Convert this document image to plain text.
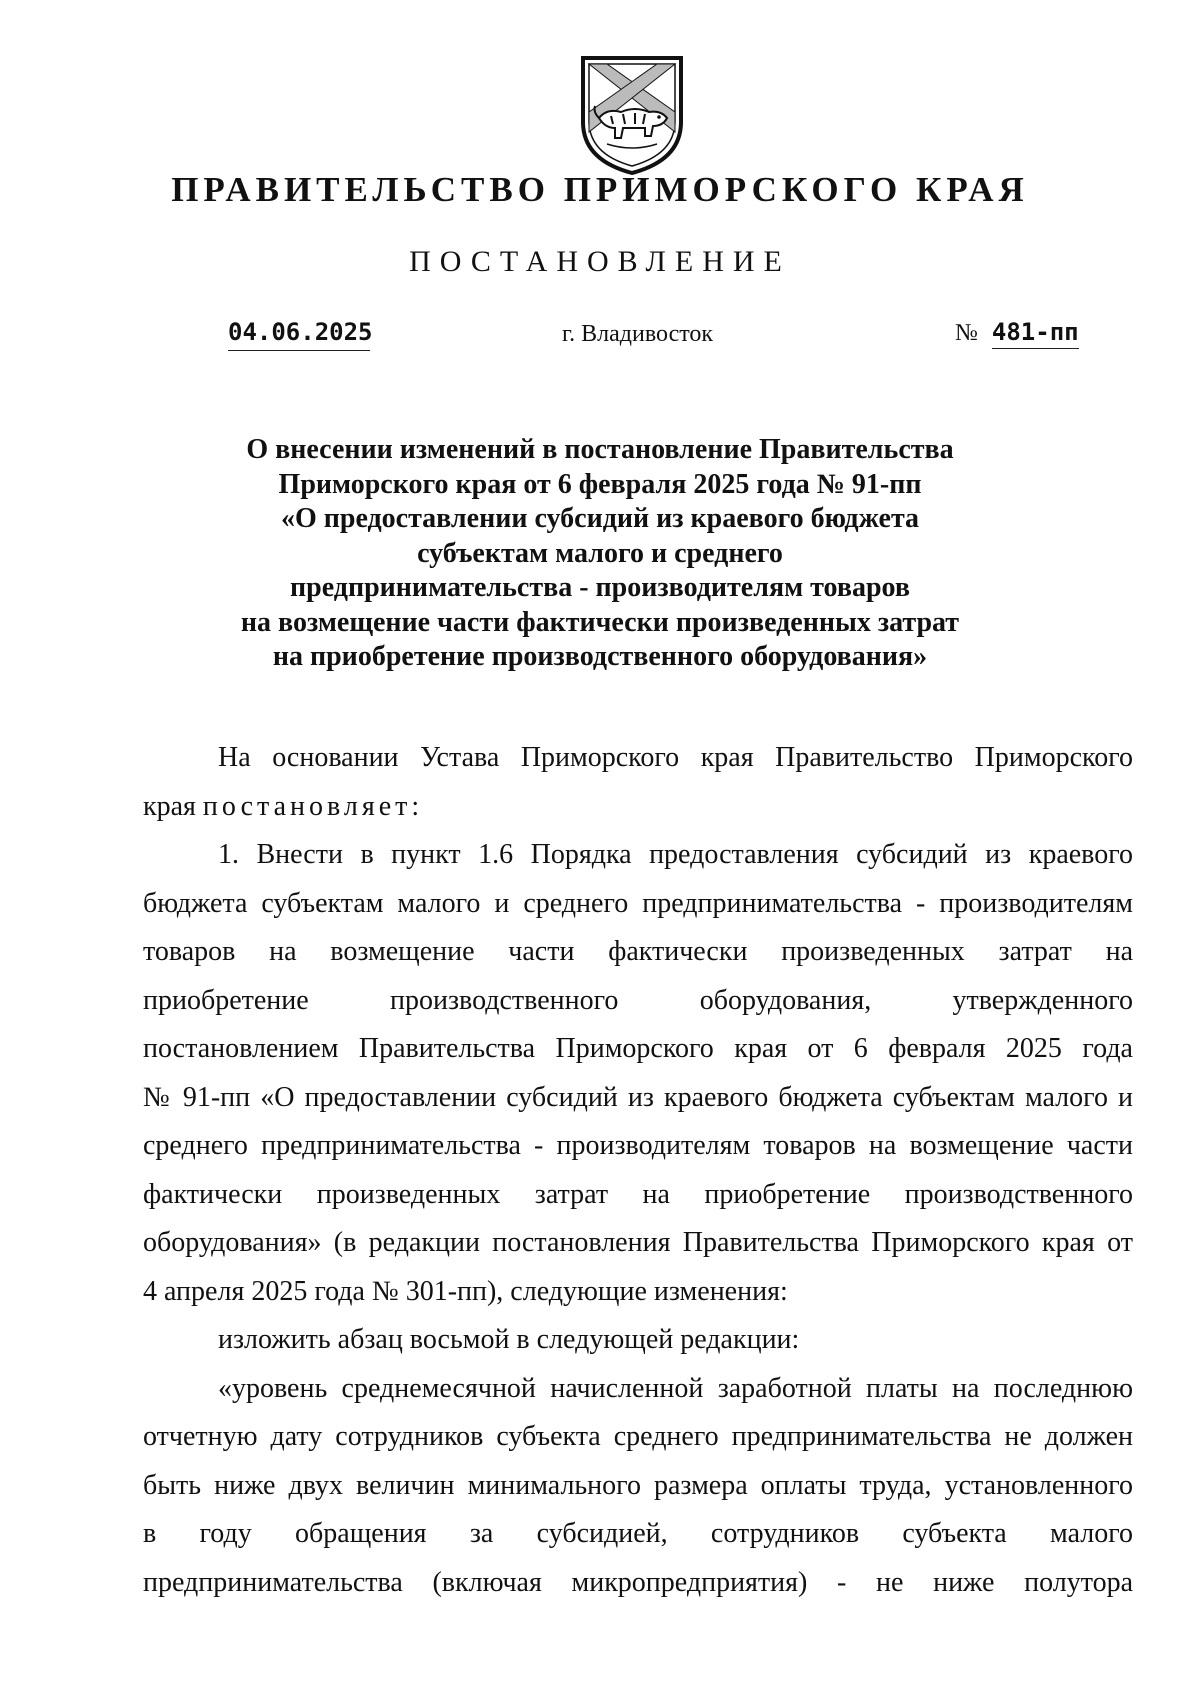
ПРАВИТЕЛЬСТВО ПРИМОРСКОГО КРАЯ
ПОСТАНОВЛЕНИЕ
04.06.2025	г. Владивосток	№ 481-пп
О внесении изменений в постановление Правительства
Приморского края от 6 февраля 2025 года № 91-пп
«О предоставлении субсидий из краевого бюджета
субъектам малого и среднего
предпринимательства - производителям товаров
на возмещение части фактически произведенных затрат
на приобретение производственного оборудования»
На основании Устава Приморского края Правительство Приморского
края постановляет:
1. Внести в пункт 1.6 Порядка предоставления субсидий из краевого
бюджета субъектам малого и среднего предпринимательства - производителям
товаров на возмещение части фактически произведенных затрат на
приобретение производственного оборудования, утвержденного
постановлением Правительства Приморского края от 6 февраля 2025 года
№ 91-пп «О предоставлении субсидий из краевого бюджета субъектам малого и
среднего предпринимательства - производителям товаров на возмещение части
фактически произведенных затрат на приобретение производственного
оборудования» (в редакции постановления Правительства Приморского края от
4 апреля 2025 года № 301-пп), следующие изменения:
изложить абзац восьмой в следующей редакции:
«уровень среднемесячной начисленной заработной платы на последнюю
отчетную дату сотрудников субъекта среднего предпринимательства не должен
быть ниже двух величин минимального размера оплаты труда, установленного
в году обращения за субсидией, сотрудников субъекта малого
предпринимательства (включая микропредприятия) - не ниже полутора
